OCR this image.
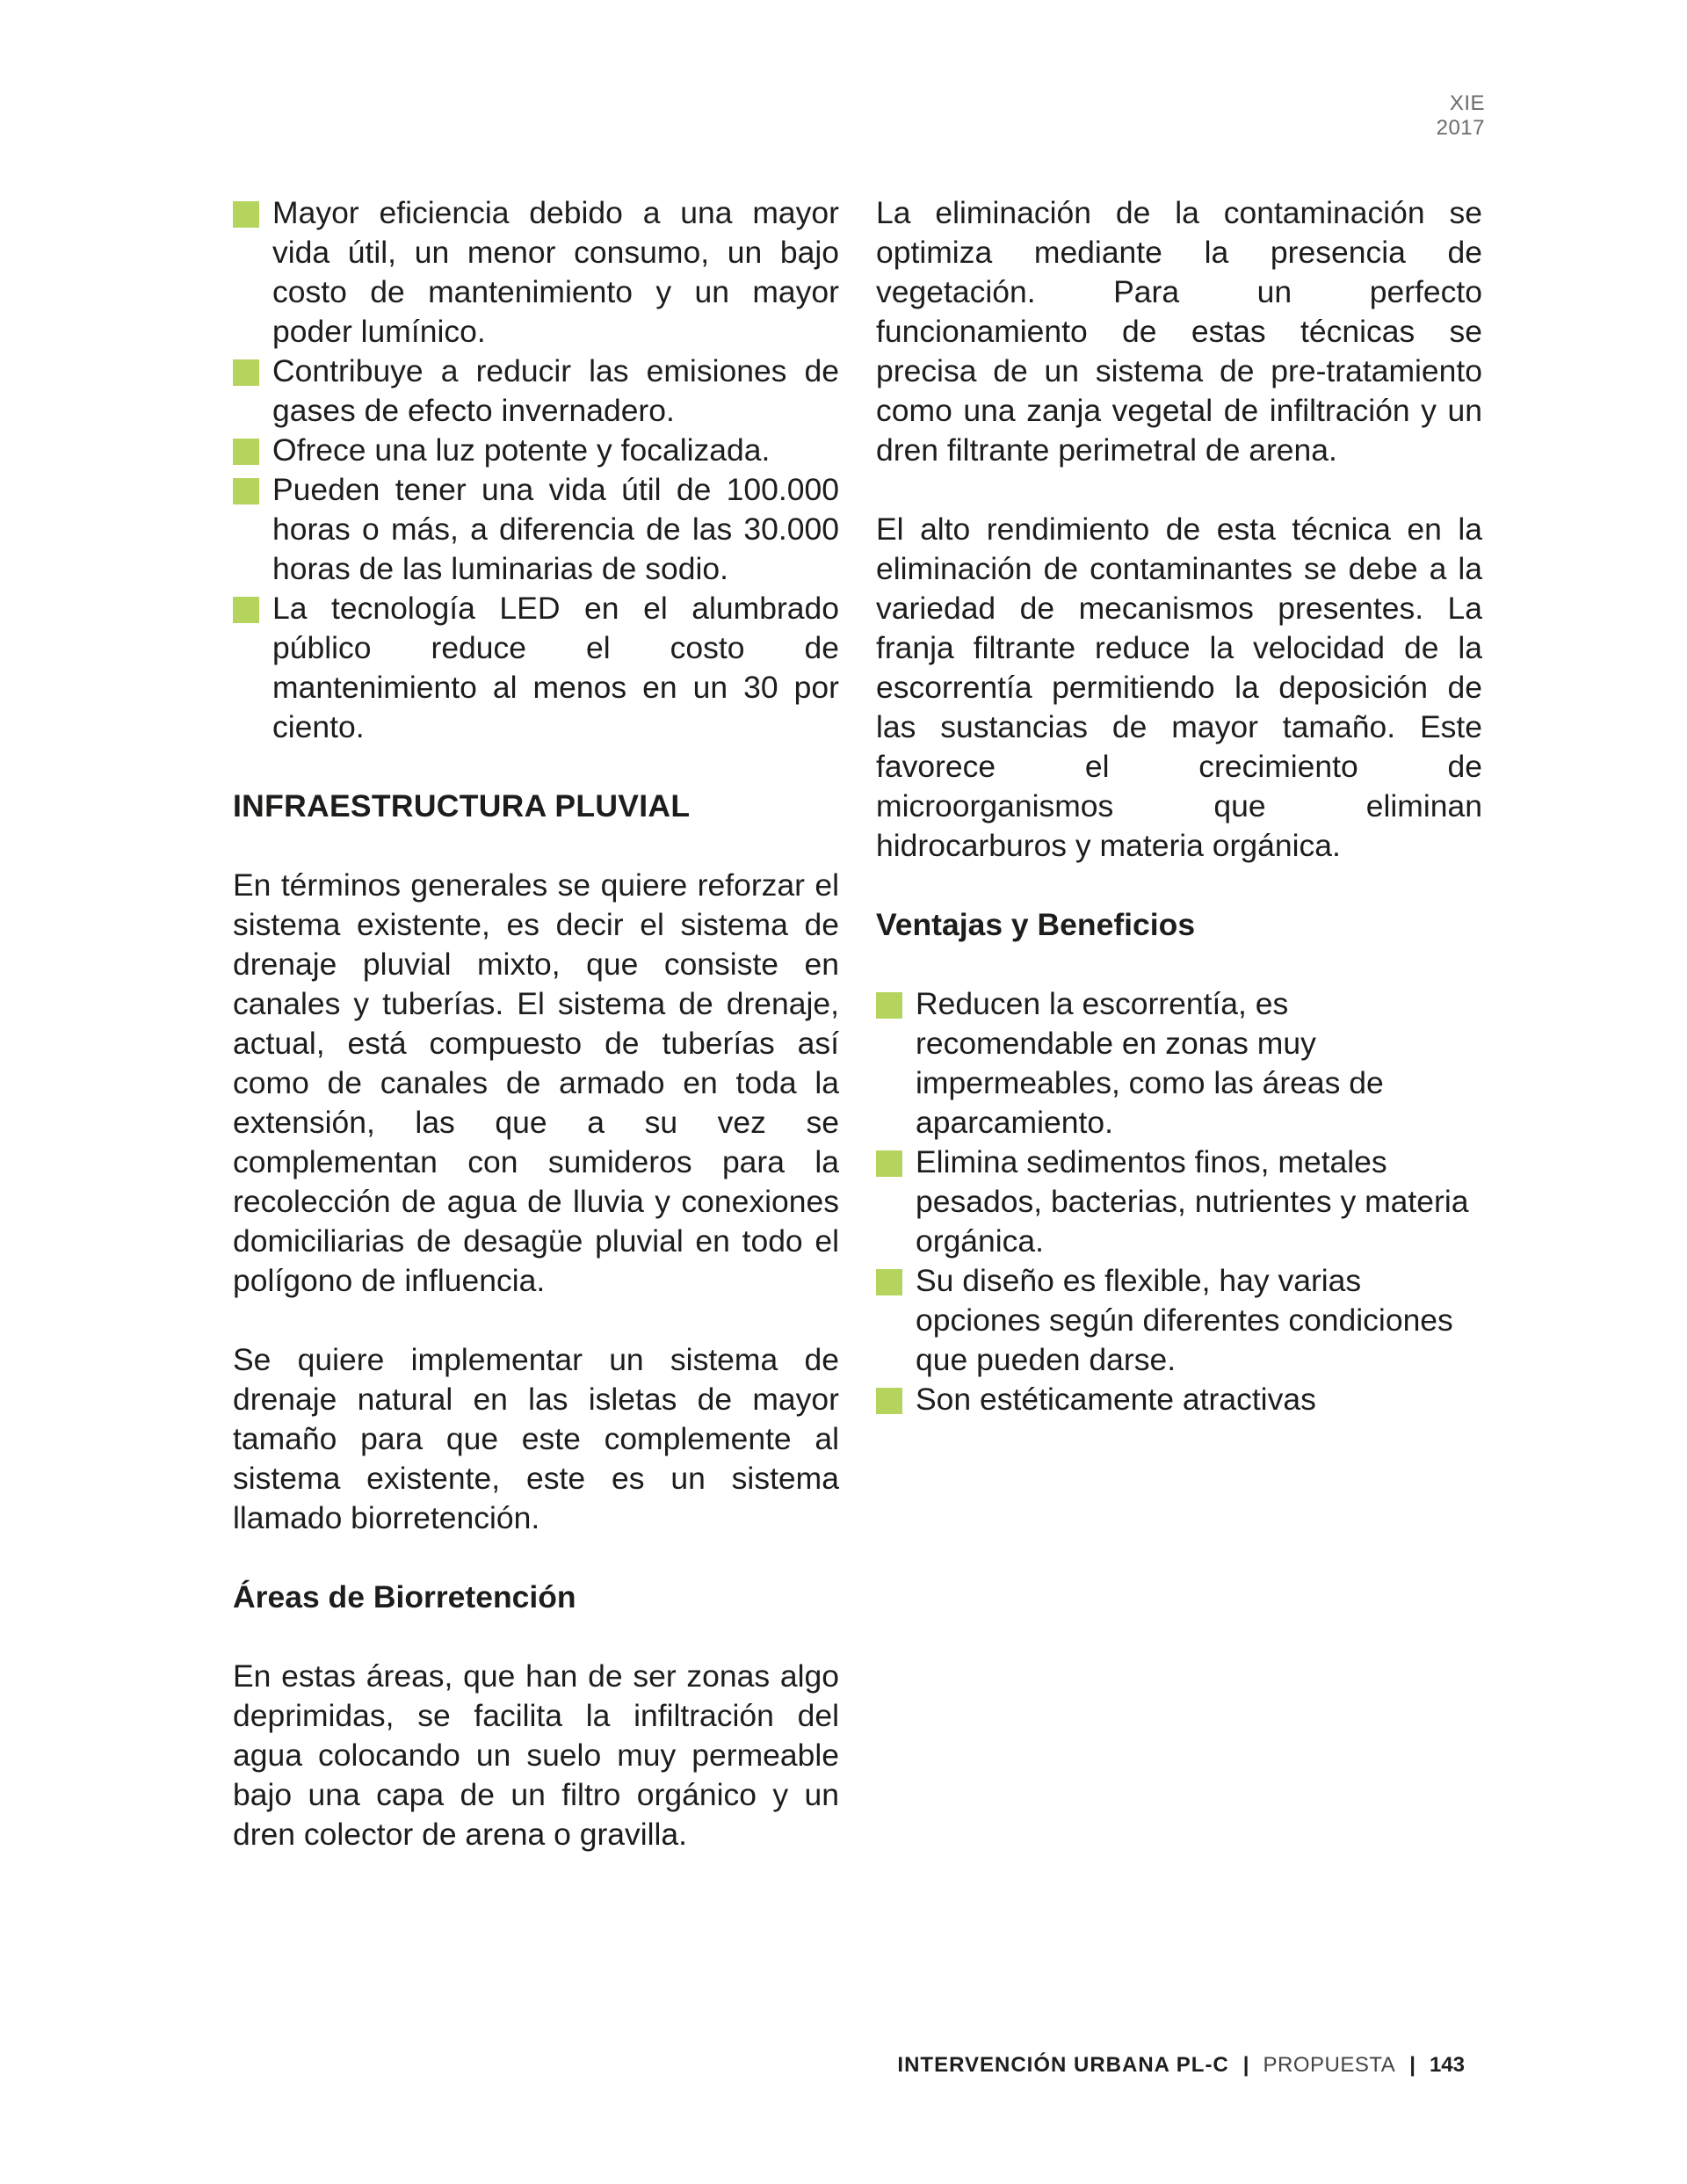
XIE 2017
Mayor eficiencia debido a una mayor vida útil, un menor consumo, un bajo costo de mantenimiento y un mayor poder lumínico.
Contribuye a reducir las emisiones de gases de efecto invernadero.
Ofrece una luz potente y focalizada.
Pueden tener una vida útil de 100.000 horas o más, a diferencia de las 30.000 horas de las luminarias de sodio.
La tecnología LED en el alumbrado público reduce el costo de mantenimiento al menos en un 30 por ciento.
INFRAESTRUCTURA PLUVIAL

En términos generales se quiere reforzar el sistema existente, es decir el sistema de drenaje pluvial mixto, que consiste en canales y tuberías. El sistema de drenaje, actual, está compuesto de tuberías así como de canales de armado en toda la extensión, las que a su vez se complementan con sumideros para la recolección de agua de lluvia y conexiones domiciliarias de desagüe pluvial en todo el polígono de influencia.

Se quiere implementar un sistema de drenaje natural en las isletas de mayor tamaño para que este complemente al sistema existente, este es un sistema llamado biorretención.

Áreas de Biorretención

En estas áreas, que han de ser zonas algo deprimidas, se facilita la infiltración del agua colocando un suelo muy permeable bajo una capa de un filtro orgánico y un dren colector de arena o gravilla.

La eliminación de la contaminación se optimiza mediante la presencia de vegetación. Para un perfecto funcionamiento de estas técnicas se precisa de un sistema de pre-tratamiento como una zanja vegetal de infiltración y un dren filtrante perimetral de arena.

El alto rendimiento de esta técnica en la eliminación de contaminantes se debe a la variedad de mecanismos presentes. La franja filtrante reduce la velocidad de la escorrentía permitiendo la deposición de las sustancias de mayor tamaño. Este favorece el crecimiento de microorganismos que eliminan hidrocarburos y materia orgánica.

Ventajas y Beneficios
Reducen la escorrentía, es recomendable en zonas muy impermeables, como las áreas de aparcamiento.
Elimina sedimentos finos, metales pesados, bacterias, nutrientes y materia orgánica.
Su diseño es flexible, hay varias opciones según diferentes condiciones que pueden darse.
Son estéticamente atractivas
INTERVENCIÓN URBANA PL-C | PROPUESTA | 143
